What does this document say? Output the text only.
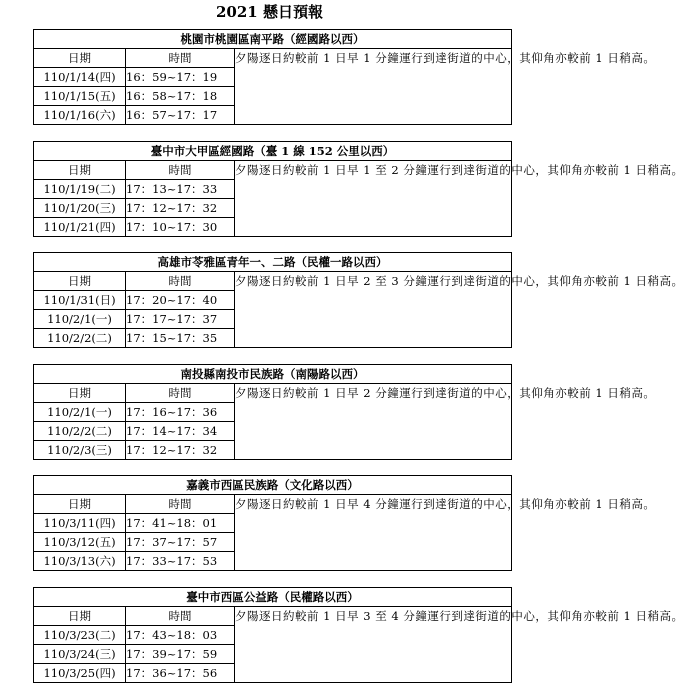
2021 懸日預報
桃園市桃園區南平路（經國路以西）		
日期	時間	夕陽逐日約較前 1 日早 1 分鐘運行到達街道的中心，其仰角亦較前 1 日稍高。
110/1/14(四)	16：59~17：19	
110/1/15(五)	16：58~17：18	
110/1/16(六)	16：57~17：17	
臺中市大甲區經國路（臺 1 線 152 公里以西）		
日期	時間	夕陽逐日約較前 1 日早 1 至 2 分鐘運行到達街道的中心，其仰角亦較前 1 日稍高。
110/1/19(二)	17：13~17：33	
110/1/20(三)	17：12~17：32	
110/1/21(四)	17：10~17：30	
高雄市苓雅區青年一、二路（民權一路以西）		
日期	時間	夕陽逐日約較前 1 日早 2 至 3 分鐘運行到達街道的中心，其仰角亦較前 1 日稍高。
110/1/31(日)	17：20~17：40	
110/2/1(一)	17：17~17：37	
110/2/2(二)	17：15~17：35	
南投縣南投市民族路（南陽路以西）		
日期	時間	夕陽逐日約較前 1 日早 2 分鐘運行到達街道的中心，其仰角亦較前 1 日稍高。
110/2/1(一)	17：16~17：36	
110/2/2(二)	17：14~17：34	
110/2/3(三)	17：12~17：32	
嘉義市西區民族路（文化路以西）		
日期	時間	夕陽逐日約較前 1 日早 4 分鐘運行到達街道的中心，其仰角亦較前 1 日稍高。
110/3/11(四)	17：41~18：01	
110/3/12(五)	17：37~17：57	
110/3/13(六)	17：33~17：53	
臺中市西區公益路（民權路以西）		
日期	時間	夕陽逐日約較前 1 日早 3 至 4 分鐘運行到達街道的中心，其仰角亦較前 1 日稍高。
110/3/23(二)	17：43~18：03	
110/3/24(三)	17：39~17：59	
110/3/25(四)	17：36~17：56	
